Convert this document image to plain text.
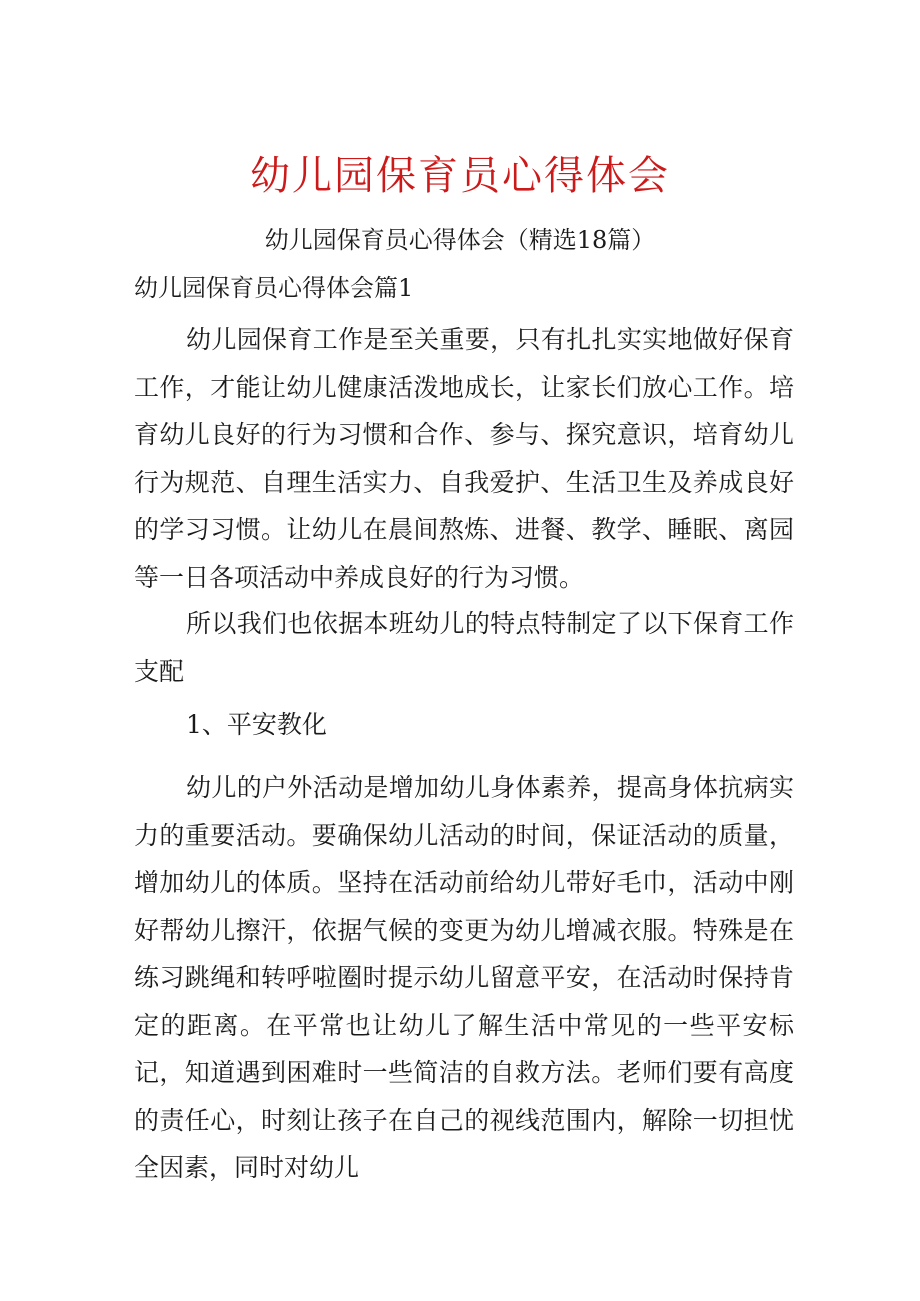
幼儿园保育员心得体会
幼儿园保育员心得体会（精选18篇）
幼儿园保育员心得体会篇1
幼儿园保育工作是至关重要，只有扎扎实实地做好保育工作，才能让幼儿健康活泼地成长，让家长们放心工作。培育幼儿良好的行为习惯和合作、参与、探究意识，培育幼儿行为规范、自理生活实力、自我爱护、生活卫生及养成良好的学习习惯。让幼儿在晨间熬炼、进餐、教学、睡眠、离园等一日各项活动中养成良好的行为习惯。
所以我们也依据本班幼儿的特点特制定了以下保育工作支配
1、平安教化
幼儿的户外活动是增加幼儿身体素养，提高身体抗病实力的重要活动。要确保幼儿活动的时间，保证活动的质量，增加幼儿的体质。坚持在活动前给幼儿带好毛巾，活动中刚好帮幼儿擦汗，依据气候的变更为幼儿增减衣服。特殊是在练习跳绳和转呼啦圈时提示幼儿留意平安，在活动时保持肯定的距离。在平常也让幼儿了解生活中常见的一些平安标记，知道遇到困难时一些简洁的自救方法。老师们要有高度的责任心，时刻让孩子在自己的视线范围内，解除一切担忧全因素，同时对幼儿
